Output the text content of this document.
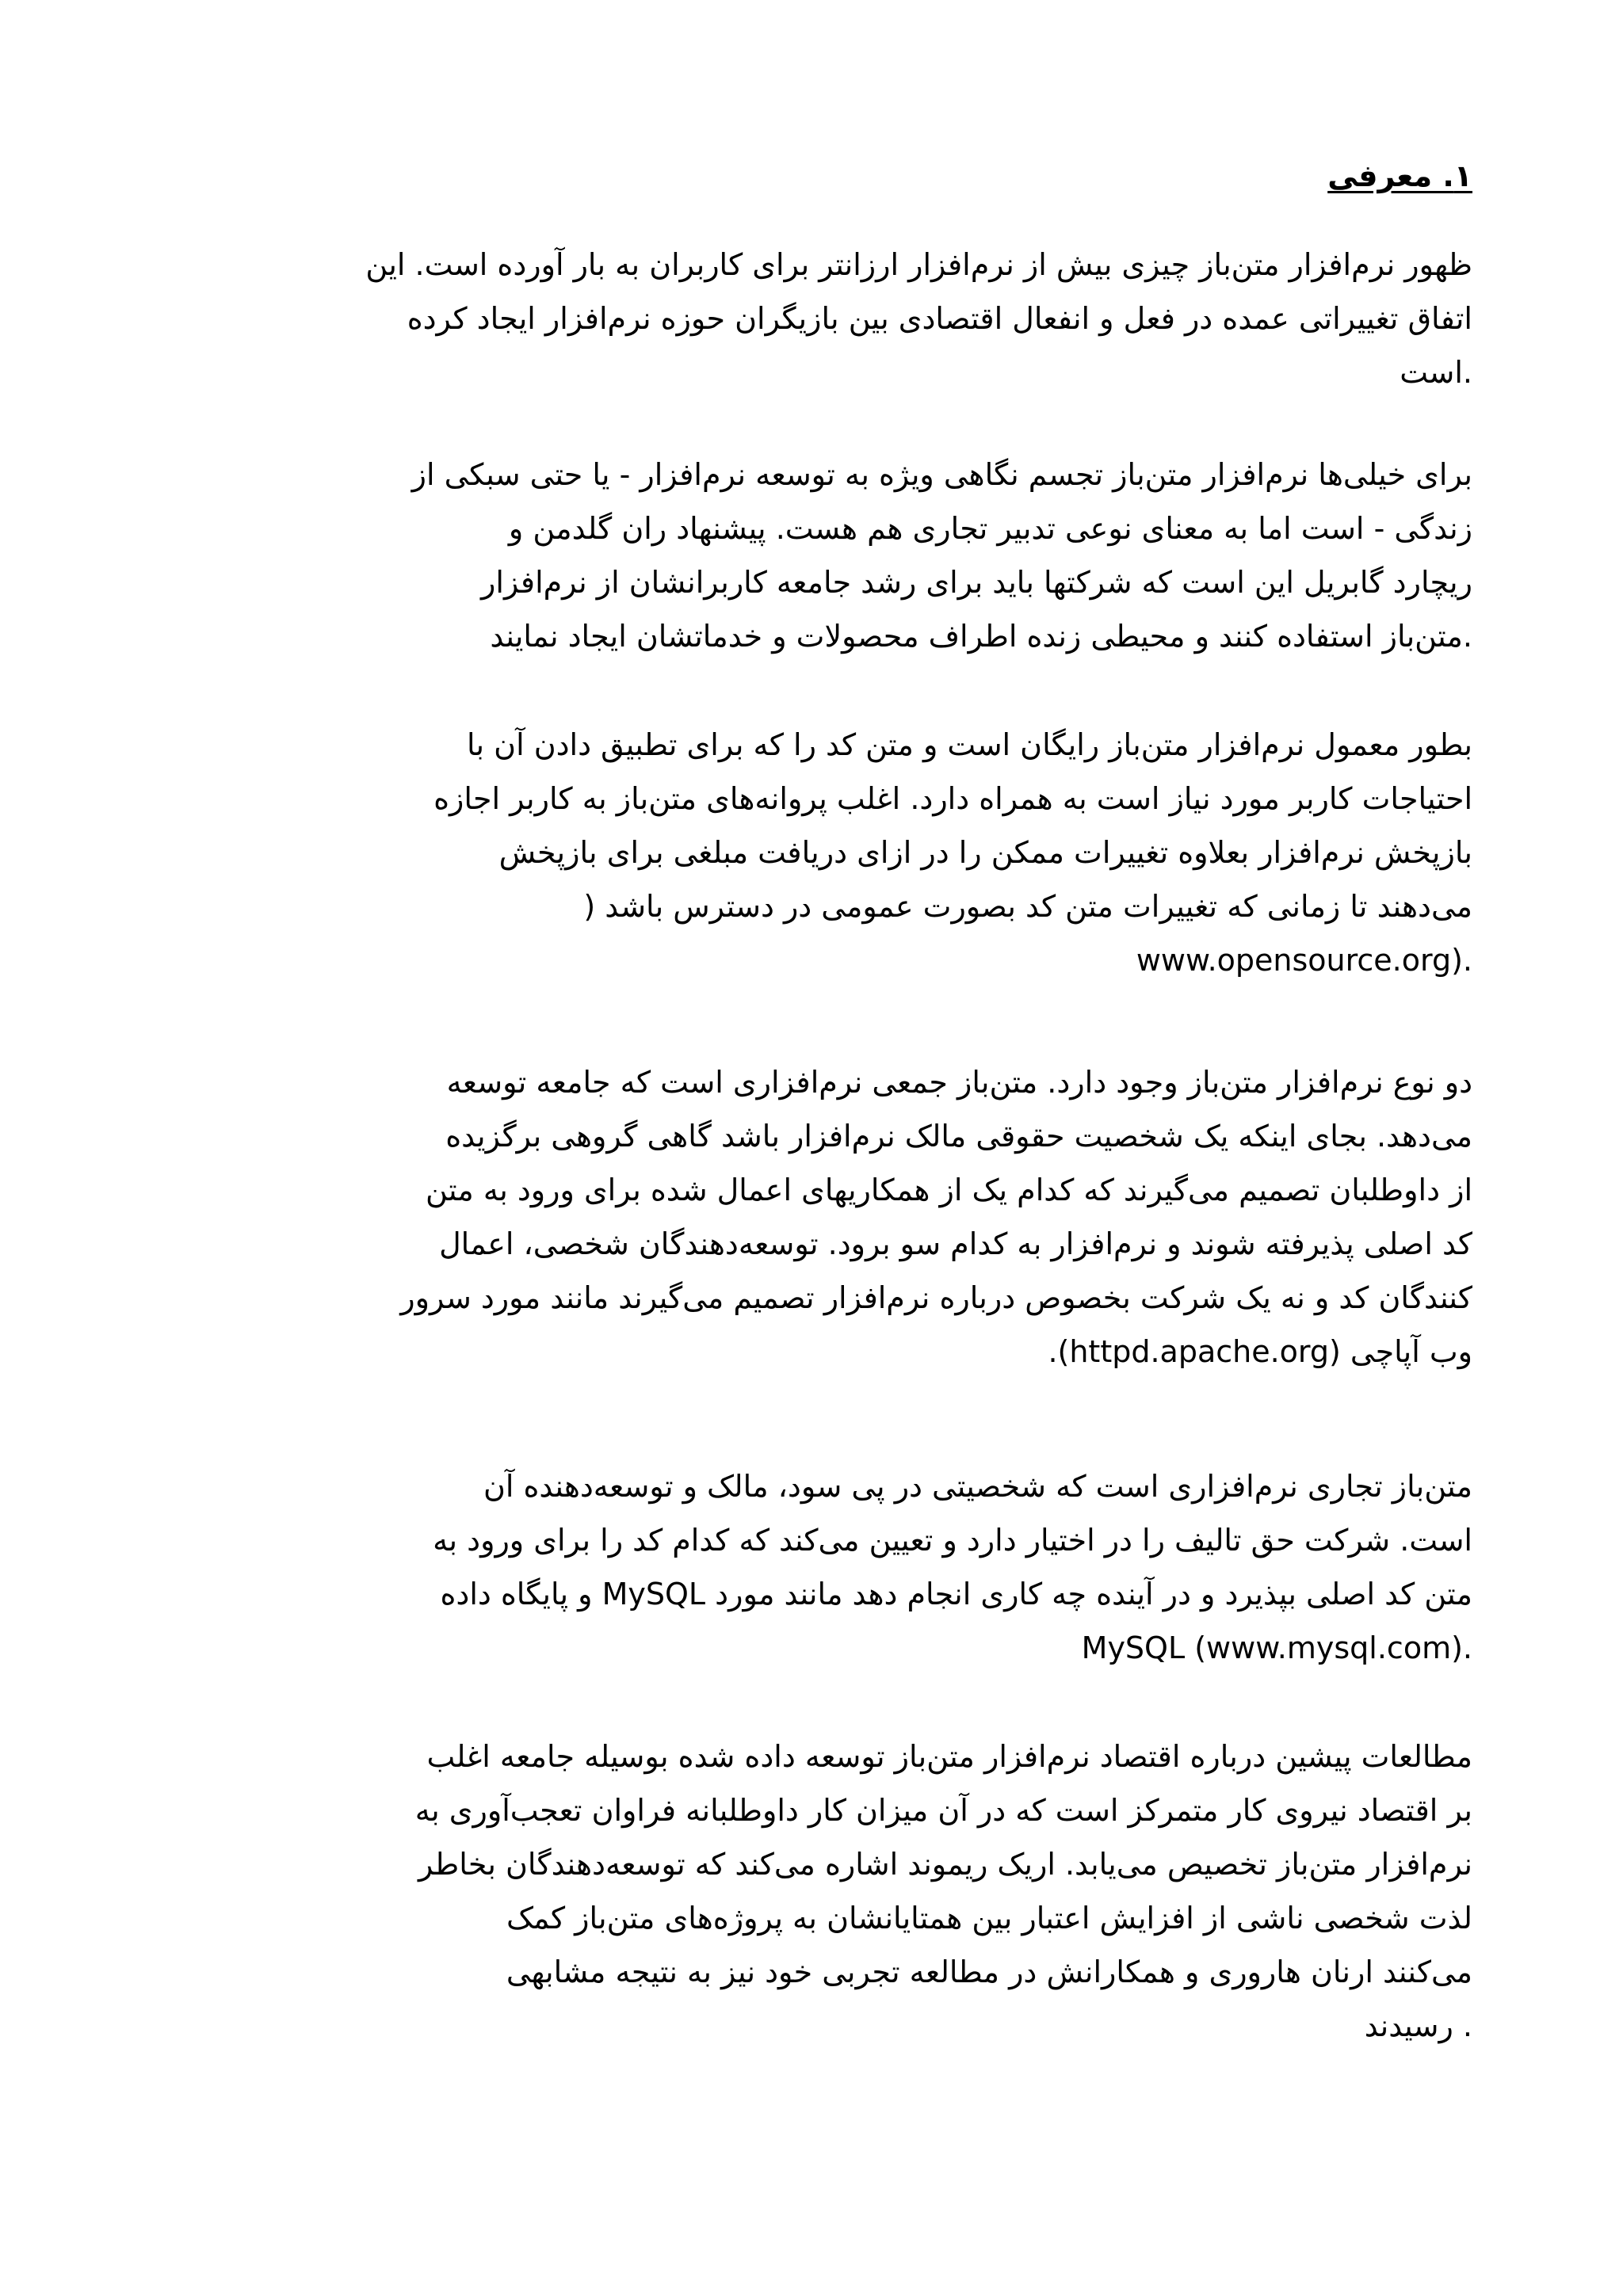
۱. معرفی

ظهور نرم‌افزار متن‌باز چیزی بیش از نرم‌افزار ارزانتر برای کاربران به بار آورده است. این
اتفاق تغییراتی عمده در فعل و انفعال اقتصادی بین بازیگران حوزه نرم‌افزار ایجاد کرده
.است

برای خیلی‌ها نرم‌افزار متن‌باز تجسم نگاهی ویژه به توسعه نرم‌افزار - یا حتی سبکی از
زندگی - است اما به معنای نوعی تدبیر تجاری هم هست. پیشنهاد ران گلدمن و
ریچارد گابریل این است که شرکتها باید برای رشد جامعه کاربرانشان از نرم‌افزار
.متن‌باز استفاده کنند و محیطی زنده اطراف محصولات و خدماتشان ایجاد نمایند

بطور معمول نرم‌افزار متن‌باز رایگان است و متن کد را که برای تطبیق دادن آن با
احتیاجات کاربر مورد نیاز است به همراه دارد. اغلب پروانه‌های متن‌باز به کاربر اجازه
بازپخش نرم‌افزار بعلاوه تغییرات ممکن را در ازای دریافت مبلغی برای بازپخش
می‌دهند تا زمانی که تغییرات متن کد بصورت عمومی در دسترس باشد (
www.opensource.org).

دو نوع نرم‌افزار متن‌باز وجود دارد. متن‌باز جمعی نرم‌افزاری است که جامعه توسعه
می‌دهد. بجای اینکه یک شخصیت حقوقی مالک نرم‌افزار باشد گاهی گروهی برگزیده
از داوطلبان تصمیم می‌گیرند که کدام یک از همکاریهای اعمال شده برای ورود به متن
کد اصلی پذیرفته شوند و نرم‌افزار به کدام سو برود. توسعه‌دهندگان شخصی، اعمال
کنندگان کد و نه یک شرکت بخصوص درباره نرم‌افزار تصمیم می‌گیرند مانند مورد سرور
وب آپاچی (httpd.apache.org).

متن‌باز تجاری نرم‌افزاری است که شخصیتی در پی سود، مالک و توسعه‌دهنده آن
است. شرکت حق تالیف را در اختیار دارد و تعیین می‌کند که کدام کد را برای ورود به
متن کد اصلی بپذیرد و در آینده چه کاری انجام دهد مانند مورد MySQL و پایگاه داده
MySQL (www.mysql.com).

مطالعات پیشین درباره اقتصاد نرم‌افزار متن‌باز توسعه داده شده بوسیله جامعه اغلب
بر اقتصاد نیروی کار متمرکز است که در آن میزان کار داوطلبانه فراوان تعجب‌آوری به
نرم‌افزار متن‌باز تخصیص می‌یابد. اریک ریموند اشاره می‌کند که توسعه‌دهندگان بخاطر
لذت شخصی ناشی از افزایش اعتبار بین همتایانشان به پروژه‌های متن‌باز کمک
می‌کنند ارنان هاروری و همکارانش در مطالعه تجربی خود نیز به نتیجه مشابهی
. رسیدند
